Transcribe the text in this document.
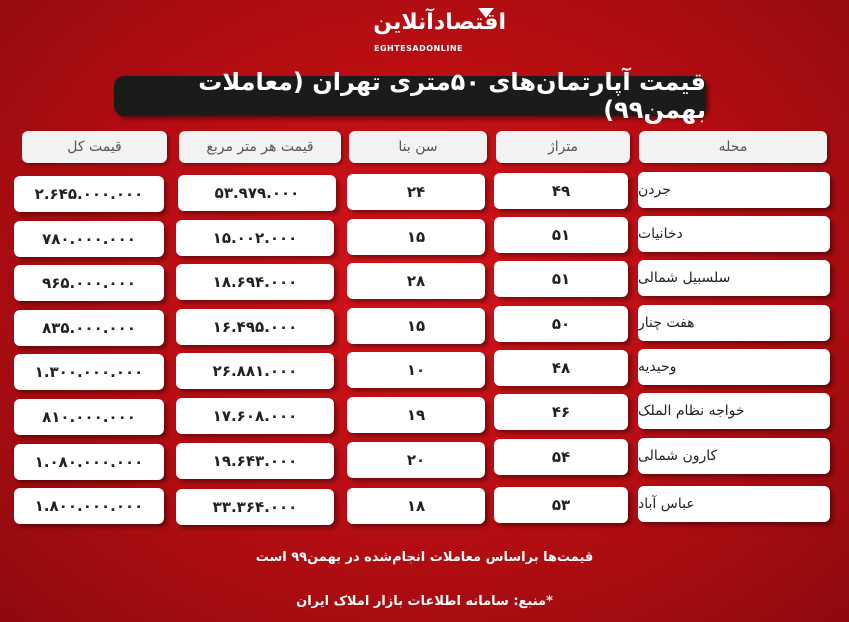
اقتصادآنلاین
EGHTESADONLINE
قیمت آپارتمان‌های ۵۰متری تهران (معاملات بهمن۹۹)
محله
متراژ
سن بنا
قیمت هر متر مربع
قیمت کل
جردن
۴۹
۲۴
۵۳.۹۷۹.۰۰۰
۲.۶۴۵.۰۰۰.۰۰۰
دخانیات
۵۱
۱۵
۱۵.۰۰۲.۰۰۰
۷۸۰.۰۰۰.۰۰۰
سلسبیل شمالی
۵۱
۲۸
۱۸.۶۹۴.۰۰۰
۹۶۵.۰۰۰.۰۰۰
هفت چنار
۵۰
۱۵
۱۶.۴۹۵.۰۰۰
۸۳۵.۰۰۰.۰۰۰
وحیدیه
۴۸
۱۰
۲۶.۸۸۱.۰۰۰
۱.۳۰۰.۰۰۰.۰۰۰
خواجه نظام الملک
۴۶
۱۹
۱۷.۶۰۸.۰۰۰
۸۱۰.۰۰۰.۰۰۰
کارون شمالی
۵۴
۲۰
۱۹.۶۴۳.۰۰۰
۱.۰۸۰.۰۰۰.۰۰۰
عباس آباد
۵۳
۱۸
۳۳.۳۶۴.۰۰۰
۱.۸۰۰.۰۰۰.۰۰۰
قیمت‌ها براساس معاملات انجام‌شده در بهمن۹۹ است
*منبع: سامانه اطلاعات بازار املاک ایران
